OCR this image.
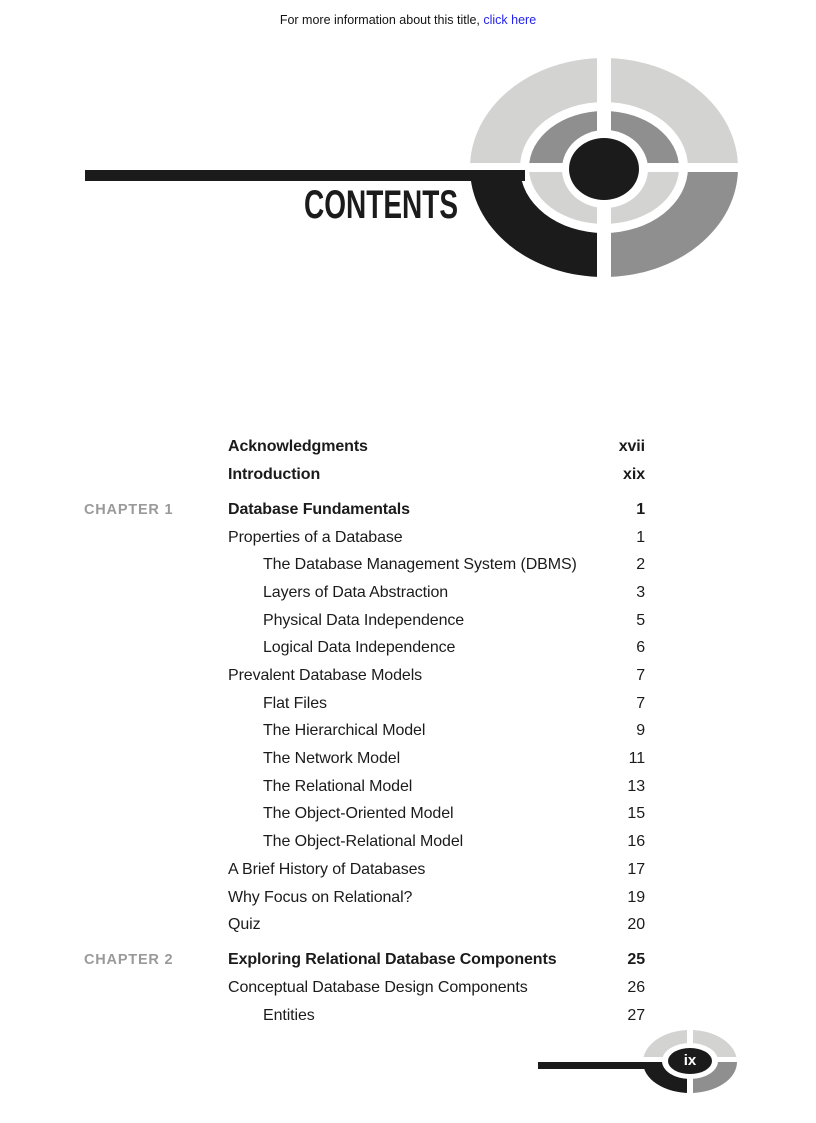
For more information about this title, click here
CONTENTS
Acknowledgments	xvii
Introduction	xix
CHAPTER 1	Database Fundamentals	1
Properties of a Database	1
The Database Management System (DBMS)	2
Layers of Data Abstraction	3
Physical Data Independence	5
Logical Data Independence	6
Prevalent Database Models	7
Flat Files	7
The Hierarchical Model	9
The Network Model	11
The Relational Model	13
The Object-Oriented Model	15
The Object-Relational Model	16
A Brief History of Databases	17
Why Focus on Relational?	19
Quiz	20
CHAPTER 2	Exploring Relational Database Components	25
Conceptual Database Design Components	26
Entities	27
ix
